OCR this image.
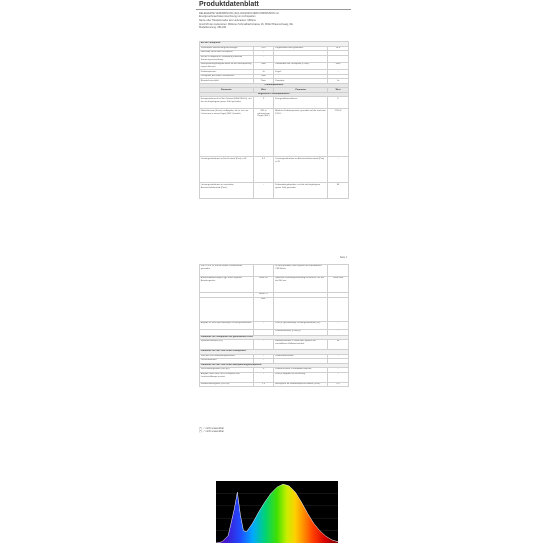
Produktdatenblatt
DELEGIERTE VERORDNUNG (EU) 2019/2015 DER KOMMISSION zur
Energieverbrauchskennzeichnung von Lichtquellen
Name oder Handelsmarke des Lieferanten: MiDime
Anschrift des Lieferanten: Mittleres Schmalbachstrasse 16, 38112 Braunschweig, DE
Modellkennung: 2811/40
Art der Lichtquelle:			
Verwendete Beleuchtungstechnologie:	LED	Ungebündelt oder gebündelt:	DLS
Netz-oder Nicht-Netz-Lichtquelle:	-		
Mit der Lichtquelle in Verbindung stehende Steuerungsvorrichtung:	-		
Netzspannungsfähigkeit direkt an die Netzspannung angeschlossen:	Nein	Unmittelbar am Lichtquelle (LLMS):	Nein
Farbtemperatur:	Ja	Kegel:	-
Lichtquelle mit hoher Leuchtdichte:	Nein		
Blendschutzschild:	Nein	Dimmbar:	Ja
Produktparameter			
Parameter	Wert	Parameter	Wert
Allgemeine Produktparameter:			
Energieverbrauch im Ein-Zustand (kWh/1000 h), auf die nächstgelegene ganze Zahl gerundet:	9	Energieeffizienzklasse:	F
Nutzlichtstrom (Φuse) mit Angabe, ob es sich um Lichtstrom in einem Kegel (360°) handelt:	820 in sphärischem Kegel (360°)	Ähnliche Farbtemperatur, gerundet auf die nächsten 100 K:	2700 K
Leistungsaufnahme im Ein-Zustand (Pon) in W:	8,2	Leistungsaufnahme im Bereitschaftszustand (Psb) in W:	-
Leistungsaufnahme im vernetzten Bereitschaftsbetrieb (Pnet):	-	Farbwiedergabeindex, auf die nächstgelegene ganze Zahl gerundet:	80
Seite 1
Für CLS in W, auf die zweite Dezimalstelle gerundet:		in Zahl gerundet, oder Spanne der einstellbaren CRI-Werte:	
Äußere Abmessungen, ggf. ohne separate Betriebsgeräte:	Höhe 90	Spektrale Strahlungsverteilung im Bereich 250 nm bis 800 nm:	Siehe Bild
	Breite 22		
	Tiefe -		
Angabe zu einer gleichwertigen Leistungsaufnahme:	-	Falls ja, gleichwertige Leistungsaufnahme (W):	-
		Farbkoordinaten (x und y):	-
Parameter für Lichtquellen mit gebündeltem Licht:			
Spitzenlichtstärke (cd):	-	Halbwertswinkel in Grad oder Spanne der einstellbaren Halbwertswinkel:	56
Parameter für LED- und OLED-Lichtquellen:			
Wert des R9-Farbwiedergabeindex:	-	Lebensdauerfaktor:	-
Lichtstromerhalt:	-		
Parameter für LED- und OLED-Netzspannungslichtquellen:			
Verschiebungsfaktor (cos φ1):	0	Farbkonsistenz in MacAdam-Ellipsen:	-
Angabe, dass eine LED-Lichtquelle eine Leuchtstofflampe ersetzt:	-	Falls ja, Angabe zur Ersetzung:	-
Flimmer-Messgröße (Pst LM):	1,0	Messgröße für stroboskopische Effekte (SVM):	0,9
(*) ‚-': nicht anwendbar
(*) ‚-': nicht anwendbar
